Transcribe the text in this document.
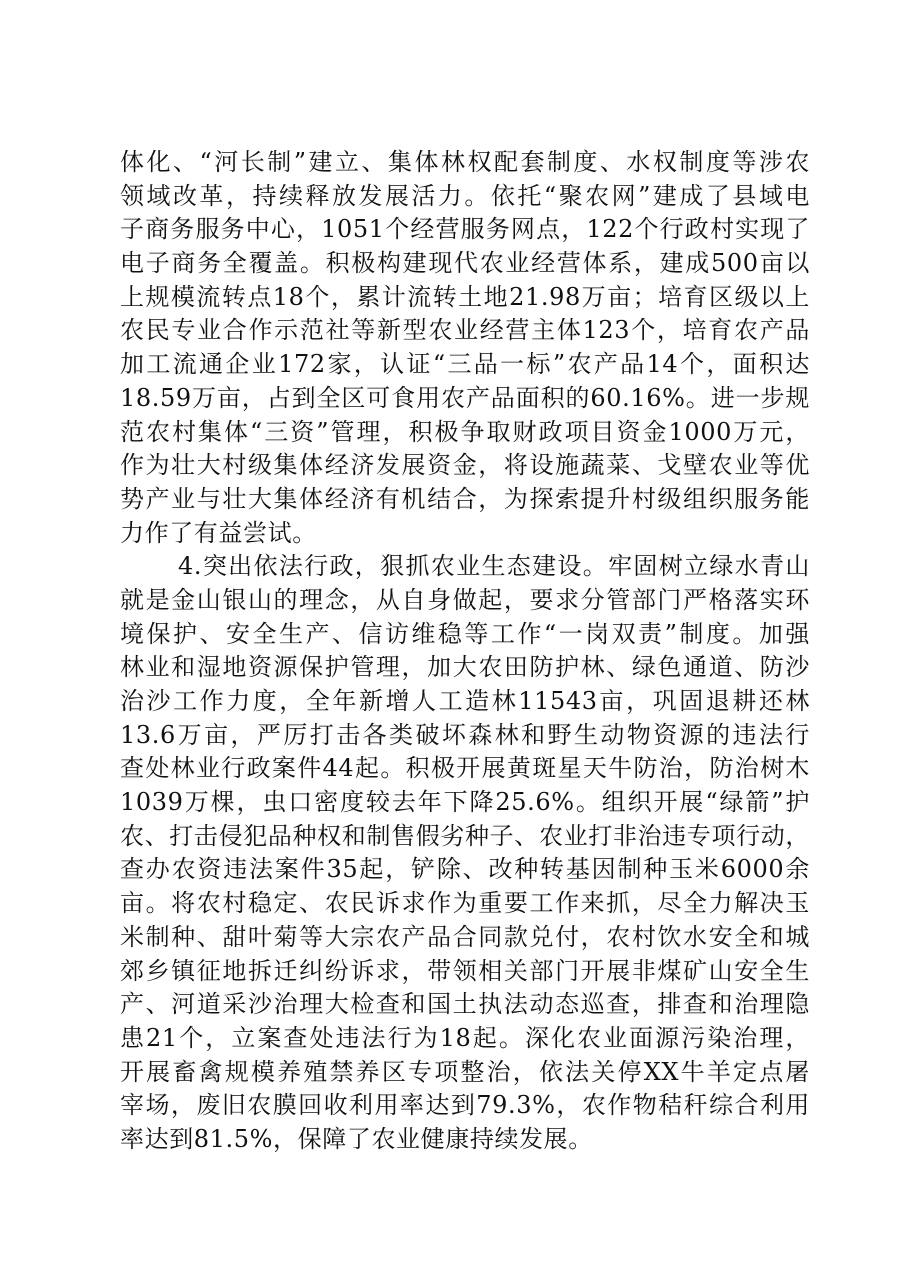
体化、“河长制”建立、集体林权配套制度、水权制度等涉农
领域改革，持续释放发展活力。依托“聚农网”建成了县域电
子商务服务中心，1051个经营服务网点，122个行政村实现了
电子商务全覆盖。积极构建现代农业经营体系，建成500亩以
上规模流转点18个，累计流转土地21.98万亩；培育区级以上
农民专业合作示范社等新型农业经营主体123个，培育农产品
加工流通企业172家，认证“三品一标”农产品14个，面积达
18.59万亩，占到全区可食用农产品面积的60.16%。进一步规
范农村集体“三资”管理，积极争取财政项目资金1000万元，
作为壮大村级集体经济发展资金，将设施蔬菜、戈壁农业等优
势产业与壮大集体经济有机结合，为探索提升村级组织服务能
力作了有益尝试。
4.突出依法行政，狠抓农业生态建设。牢固树立绿水青山
就是金山银山的理念，从自身做起，要求分管部门严格落实环
境保护、安全生产、信访维稳等工作“一岗双责”制度。加强
林业和湿地资源保护管理，加大农田防护林、绿色通道、防沙
治沙工作力度，全年新增人工造林11543亩，巩固退耕还林
13.6万亩，严厉打击各类破坏森林和野生动物资源的违法行
查处林业行政案件44起。积极开展黄斑星天牛防治，防治树木
1039万棵，虫口密度较去年下降25.6%。组织开展“绿箭”护
农、打击侵犯品种权和制售假劣种子、农业打非治违专项行动，
查办农资违法案件35起，铲除、改种转基因制种玉米6000余
亩。将农村稳定、农民诉求作为重要工作来抓，尽全力解决玉
米制种、甜叶菊等大宗农产品合同款兑付，农村饮水安全和城
郊乡镇征地拆迁纠纷诉求，带领相关部门开展非煤矿山安全生
产、河道采沙治理大检查和国土执法动态巡查，排查和治理隐
患21个，立案查处违法行为18起。深化农业面源污染治理，
开展畜禽规模养殖禁养区专项整治，依法关停XX牛羊定点屠
宰场，废旧农膜回收利用率达到79.3%，农作物秸秆综合利用
率达到81.5%，保障了农业健康持续发展。
